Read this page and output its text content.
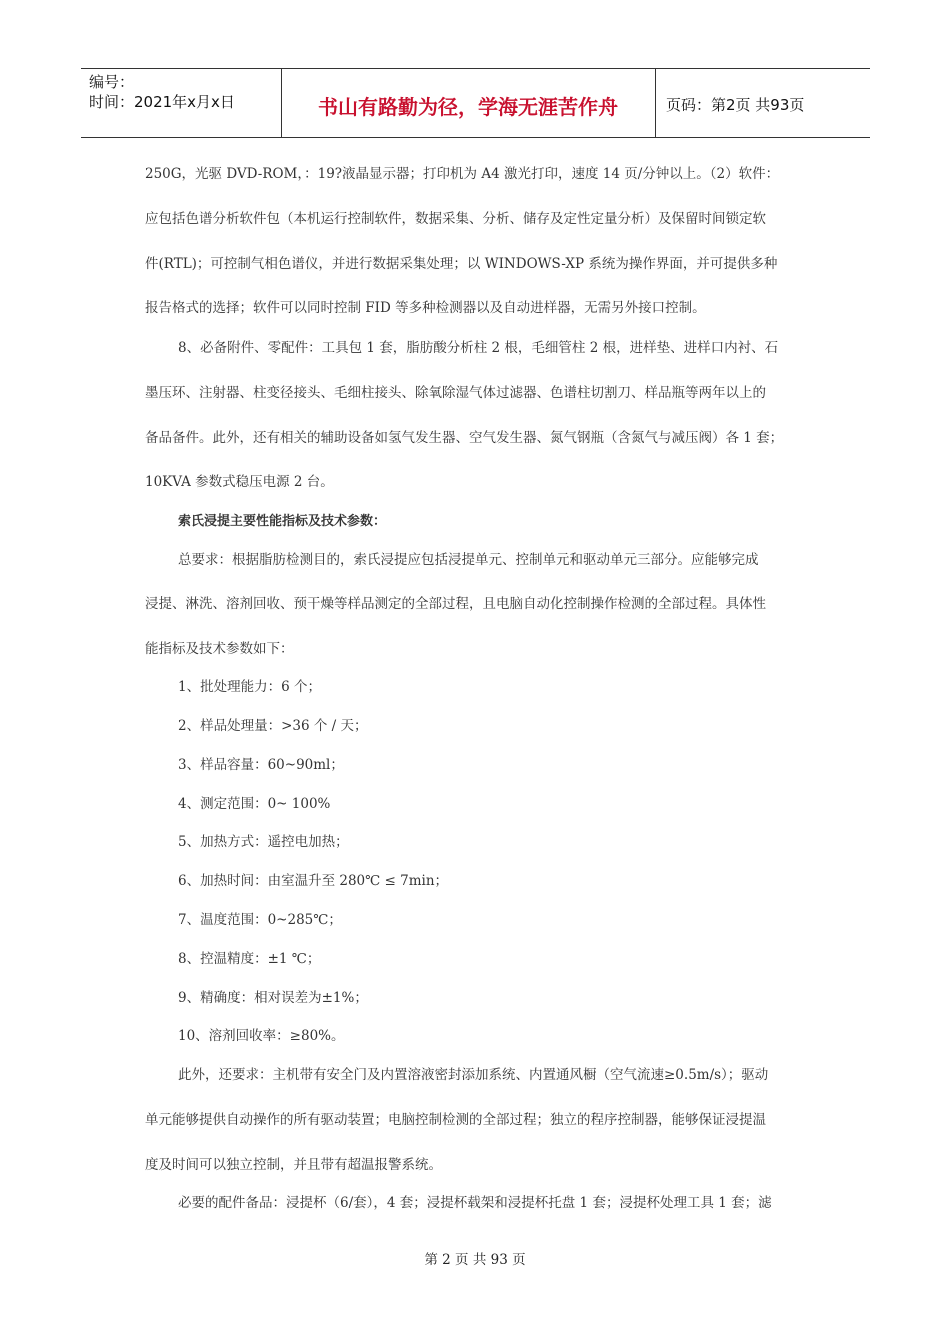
编号：
时间：2021年x月x日	书山有路勤为径，学海无涯苦作舟	页码：第2页 共93页
250G，光驱 DVD-ROM，：19?液晶显示器；打印机为 A4 激光打印，速度 14 页/分钟以上。（2）软件：
应包括色谱分析软件包（本机运行控制软件，数据采集、分析、储存及定性定量分析）及保留时间锁定软
件(RTL)；可控制气相色谱仪，并进行数据采集处理；以 WINDOWS-XP 系统为操作界面，并可提供多种
报告格式的选择；软件可以同时控制 FID 等多种检测器以及自动进样器，无需另外接口控制。
8、必备附件、零配件：工具包 1 套，脂肪酸分析柱 2 根，毛细管柱 2 根，进样垫、进样口内衬、石
墨压环、注射器、柱变径接头、毛细柱接头、除氧除湿气体过滤器、色谱柱切割刀、样品瓶等两年以上的
备品备件。此外，还有相关的辅助设备如氢气发生器、空气发生器、氮气钢瓶（含氮气与减压阀）各 1 套；
10KVA 参数式稳压电源 2 台。
索氏浸提主要性能指标及技术参数：
总要求：根据脂肪检测目的，索氏浸提应包括浸提单元、控制单元和驱动单元三部分。应能够完成
浸提、淋洗、溶剂回收、预干燥等样品测定的全部过程，且电脑自动化控制操作检测的全部过程。具体性
能指标及技术参数如下：
1、批处理能力：6 个；
2、样品处理量：>36 个 / 天；
3、样品容量：60~90ml；
4、测定范围：0~ 100%
5、加热方式：遥控电加热；
6、加热时间：由室温升至 280℃ ≤ 7min；
7、温度范围：0~285℃；
8、控温精度：±1 ℃；
9、精确度：相对误差为±1%；
10、溶剂回收率：≥80%。
此外，还要求：主机带有安全门及内置溶液密封添加系统、内置通风橱（空气流速≥0.5m/s）；驱动
单元能够提供自动操作的所有驱动装置；电脑控制检测的全部过程；独立的程序控制器，能够保证浸提温
度及时间可以独立控制，并且带有超温报警系统。
必要的配件备品：浸提杯（6/套），4 套；浸提杯载架和浸提杯托盘 1 套；浸提杯处理工具 1 套；滤
第 2 页 共 93 页
